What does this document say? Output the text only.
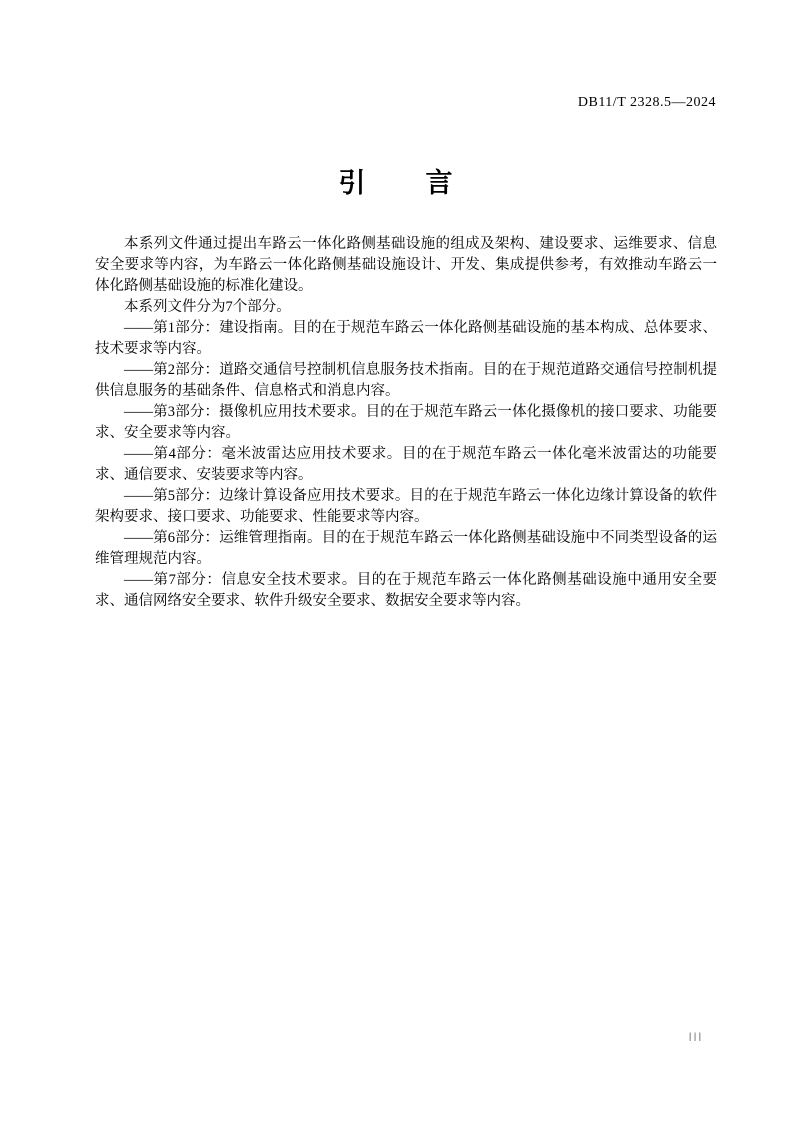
DB11/T 2328.5—2024
引　　言

本系列文件通过提出车路云一体化路侧基础设施的组成及架构、建设要求、运维要求、信息安全要求等内容，为车路云一体化路侧基础设施设计、开发、集成提供参考，有效推动车路云一体化路侧基础设施的标准化建设。

本系列文件分为7个部分。

——第1部分：建设指南。目的在于规范车路云一体化路侧基础设施的基本构成、总体要求、技术要求等内容。

——第2部分：道路交通信号控制机信息服务技术指南。目的在于规范道路交通信号控制机提供信息服务的基础条件、信息格式和消息内容。

——第3部分：摄像机应用技术要求。目的在于规范车路云一体化摄像机的接口要求、功能要求、安全要求等内容。

——第4部分：毫米波雷达应用技术要求。目的在于规范车路云一体化毫米波雷达的功能要求、通信要求、安装要求等内容。

——第5部分：边缘计算设备应用技术要求。目的在于规范车路云一体化边缘计算设备的软件架构要求、接口要求、功能要求、性能要求等内容。

——第6部分：运维管理指南。目的在于规范车路云一体化路侧基础设施中不同类型设备的运维管理规范内容。

——第7部分：信息安全技术要求。目的在于规范车路云一体化路侧基础设施中通用安全要求、通信网络安全要求、软件升级安全要求、数据安全要求等内容。

III
